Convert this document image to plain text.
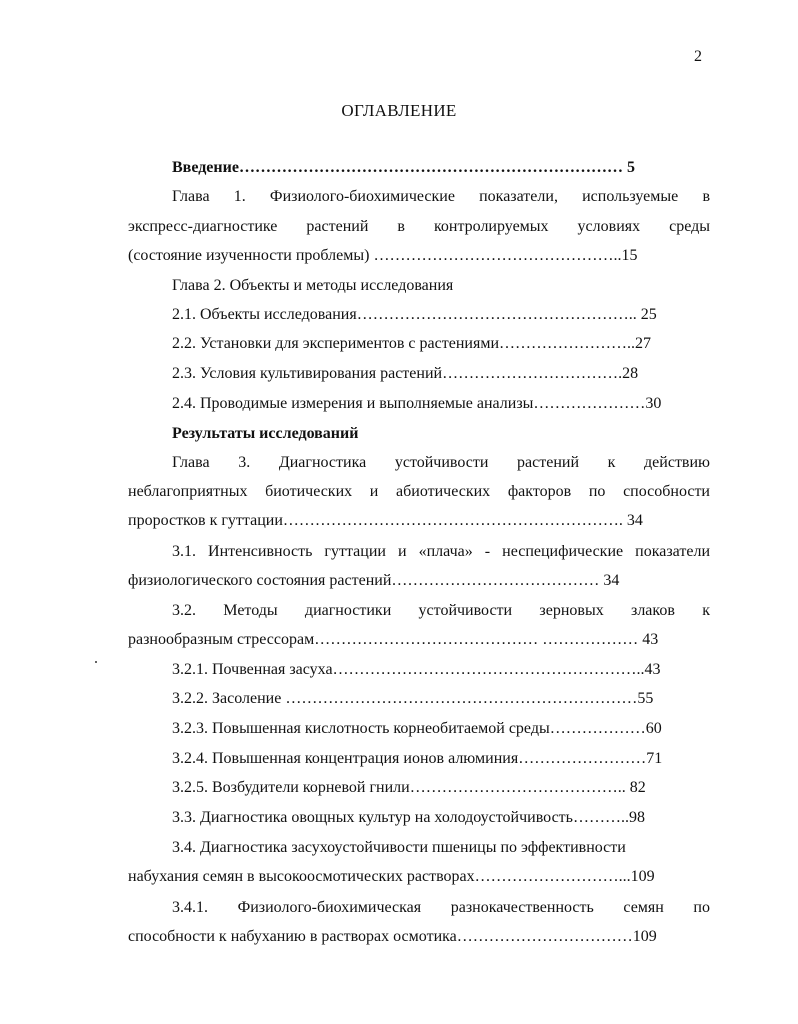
2
ОГЛАВЛЕНИЕ
Введение……………………………………………………………… 5
Глава 1. Физиолого-биохимические показатели, используемые в
экспресс-диагностике растений в контролируемых условиях среды
(состояние изученности проблемы) ………………………………………..15
Глава 2. Объекты и методы исследования
2.1. Объекты исследования…………………………………………….. 25
2.2. Установки для экспериментов с растениями……………………..27
2.3. Условия культивирования растений…………………………….28
2.4. Проводимые измерения и выполняемые анализы…………………30
Результаты исследований
Глава 3. Диагностика устойчивости растений к действию
неблагоприятных биотических и абиотических факторов по способности
проростков к гуттации………………………………………………………. 34
3.1. Интенсивность гуттации и «плача» - неспецифические показатели
физиологического состояния растений………………………………… 34
3.2. Методы диагностики устойчивости зерновых злаков к
разнообразным стрессорам…………………………………… ……………… 43
3.2.1. Почвенная засуха…………………………………………………..43
3.2.2. Засоление …………………………………………………………55
3.2.3. Повышенная кислотность корнеобитаемой среды………………60
3.2.4. Повышенная концентрация ионов алюминия……………………71
3.2.5. Возбудители корневой гнили………………………………….. 82
3.3. Диагностика овощных культур на холодоустойчивость………..98
3.4. Диагностика засухоустойчивости пшеницы по эффективности
набухания семян в высокоосмотических растворах………………………...109
3.4.1. Физиолого-биохимическая разнокачественность семян по
способности к набуханию в растворах осмотика……………………………109
